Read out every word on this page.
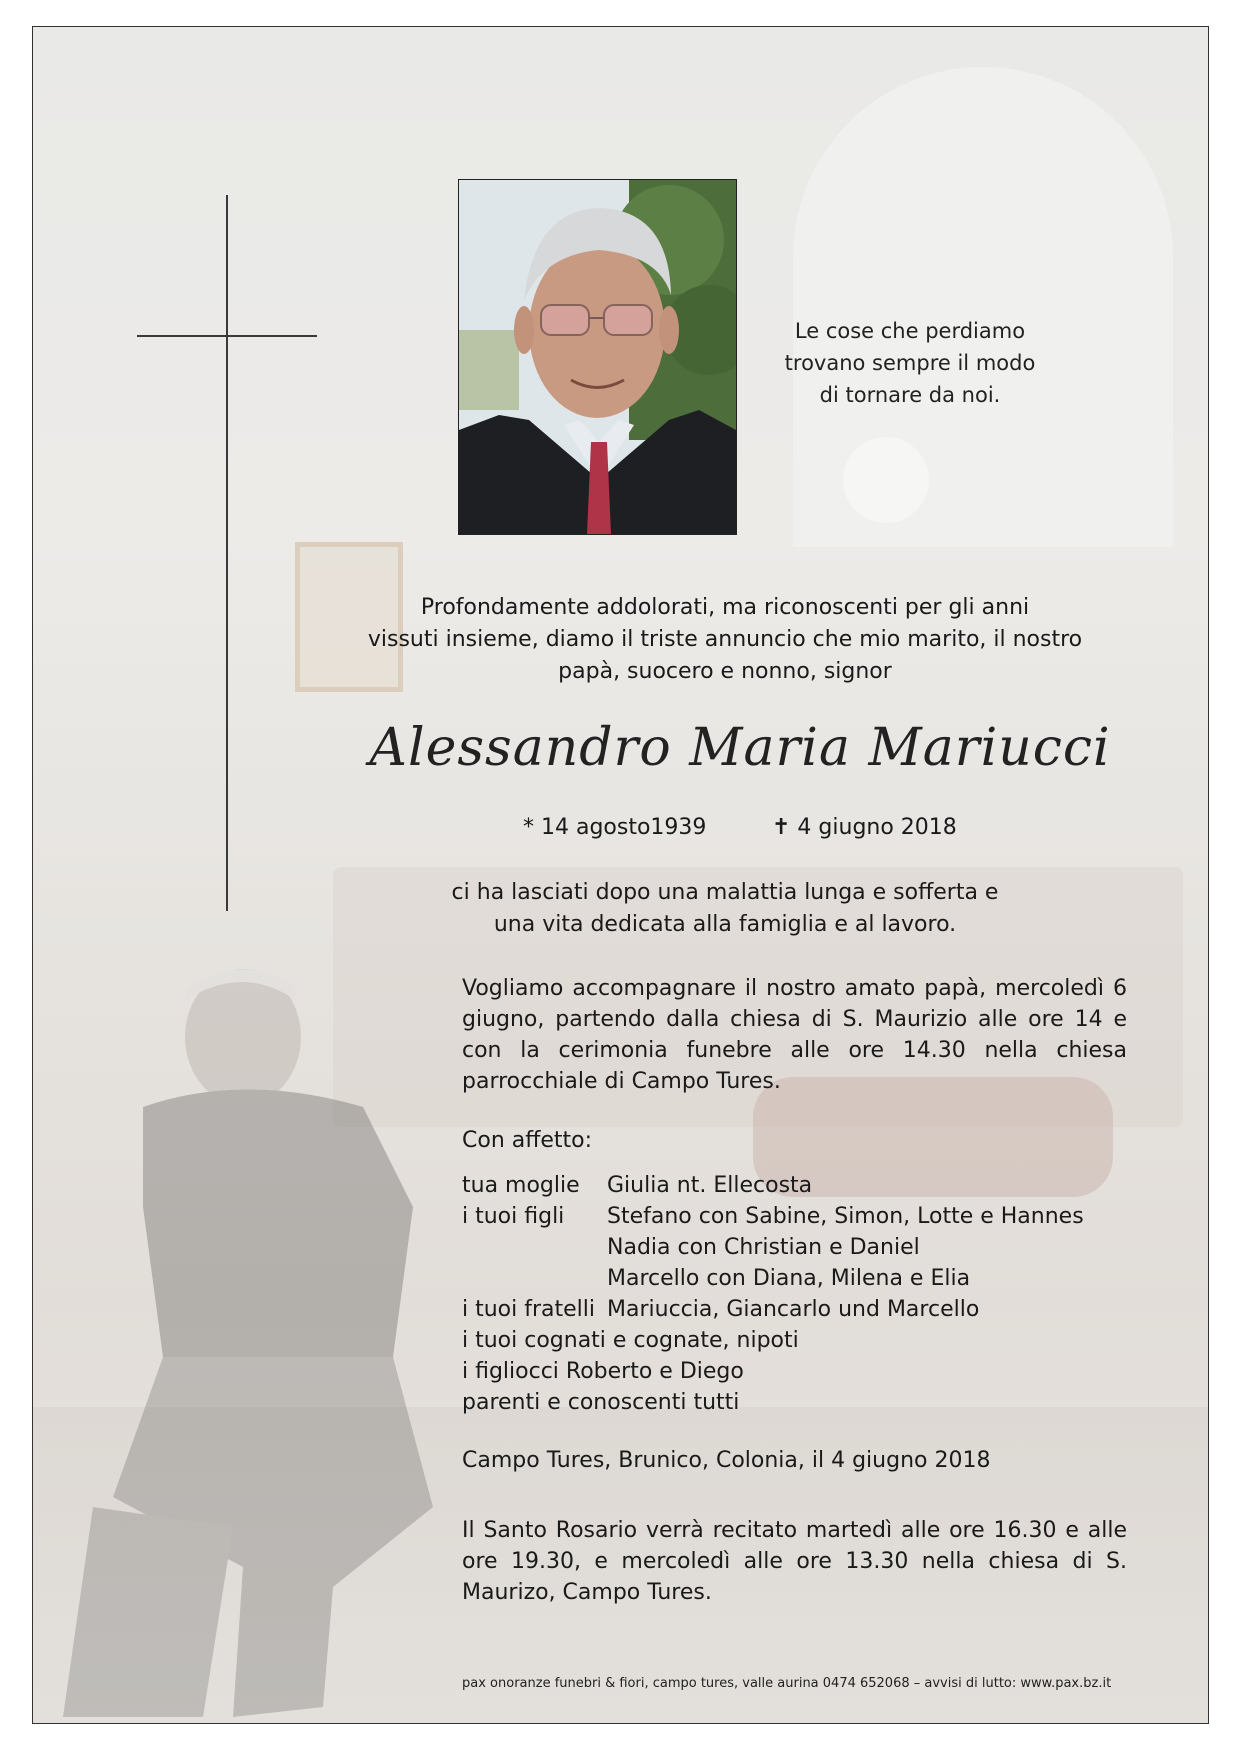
Le cose che perdiamo
trovano sempre il modo
di tornare da noi.
Profondamente addolorati, ma riconoscenti per gli anni
vissuti insieme, diamo il triste annuncio che mio marito, il nostro
papà, suocero e nonno, signor
Alessandro Maria Mariucci
* 14 agosto1939	✝ 4 giugno 2018
ci ha lasciati dopo una malattia lunga e sofferta e
una vita dedicata alla famiglia e al lavoro.
Vogliamo accompagnare il nostro amato papà, mercoledì 6 giugno, partendo dalla chiesa di S. Maurizio alle ore 14 e con la cerimonia funebre alle ore 14.30 nella chiesa parrocchiale di Campo Tures.
Con affetto:
tua moglie	Giulia nt. Ellecosta
i tuoi figli	Stefano con Sabine, Simon, Lotte e Hannes
Nadia con Christian e Daniel
Marcello con Diana, Milena e Elia
i tuoi fratelli Mariuccia, Giancarlo und Marcello
i tuoi cognati e cognate, nipoti
i figliocci Roberto e Diego
parenti e conoscenti tutti
Campo Tures, Brunico, Colonia, il 4 giugno 2018
Il Santo Rosario verrà recitato martedì alle ore 16.30 e alle ore 19.30, e mercoledì alle ore 13.30 nella chiesa di S. Maurizo, Campo Tures.
pax onoranze funebri & fiori, campo tures, valle aurina 0474 652068 – avvisi di lutto: www.pax.bz.it
